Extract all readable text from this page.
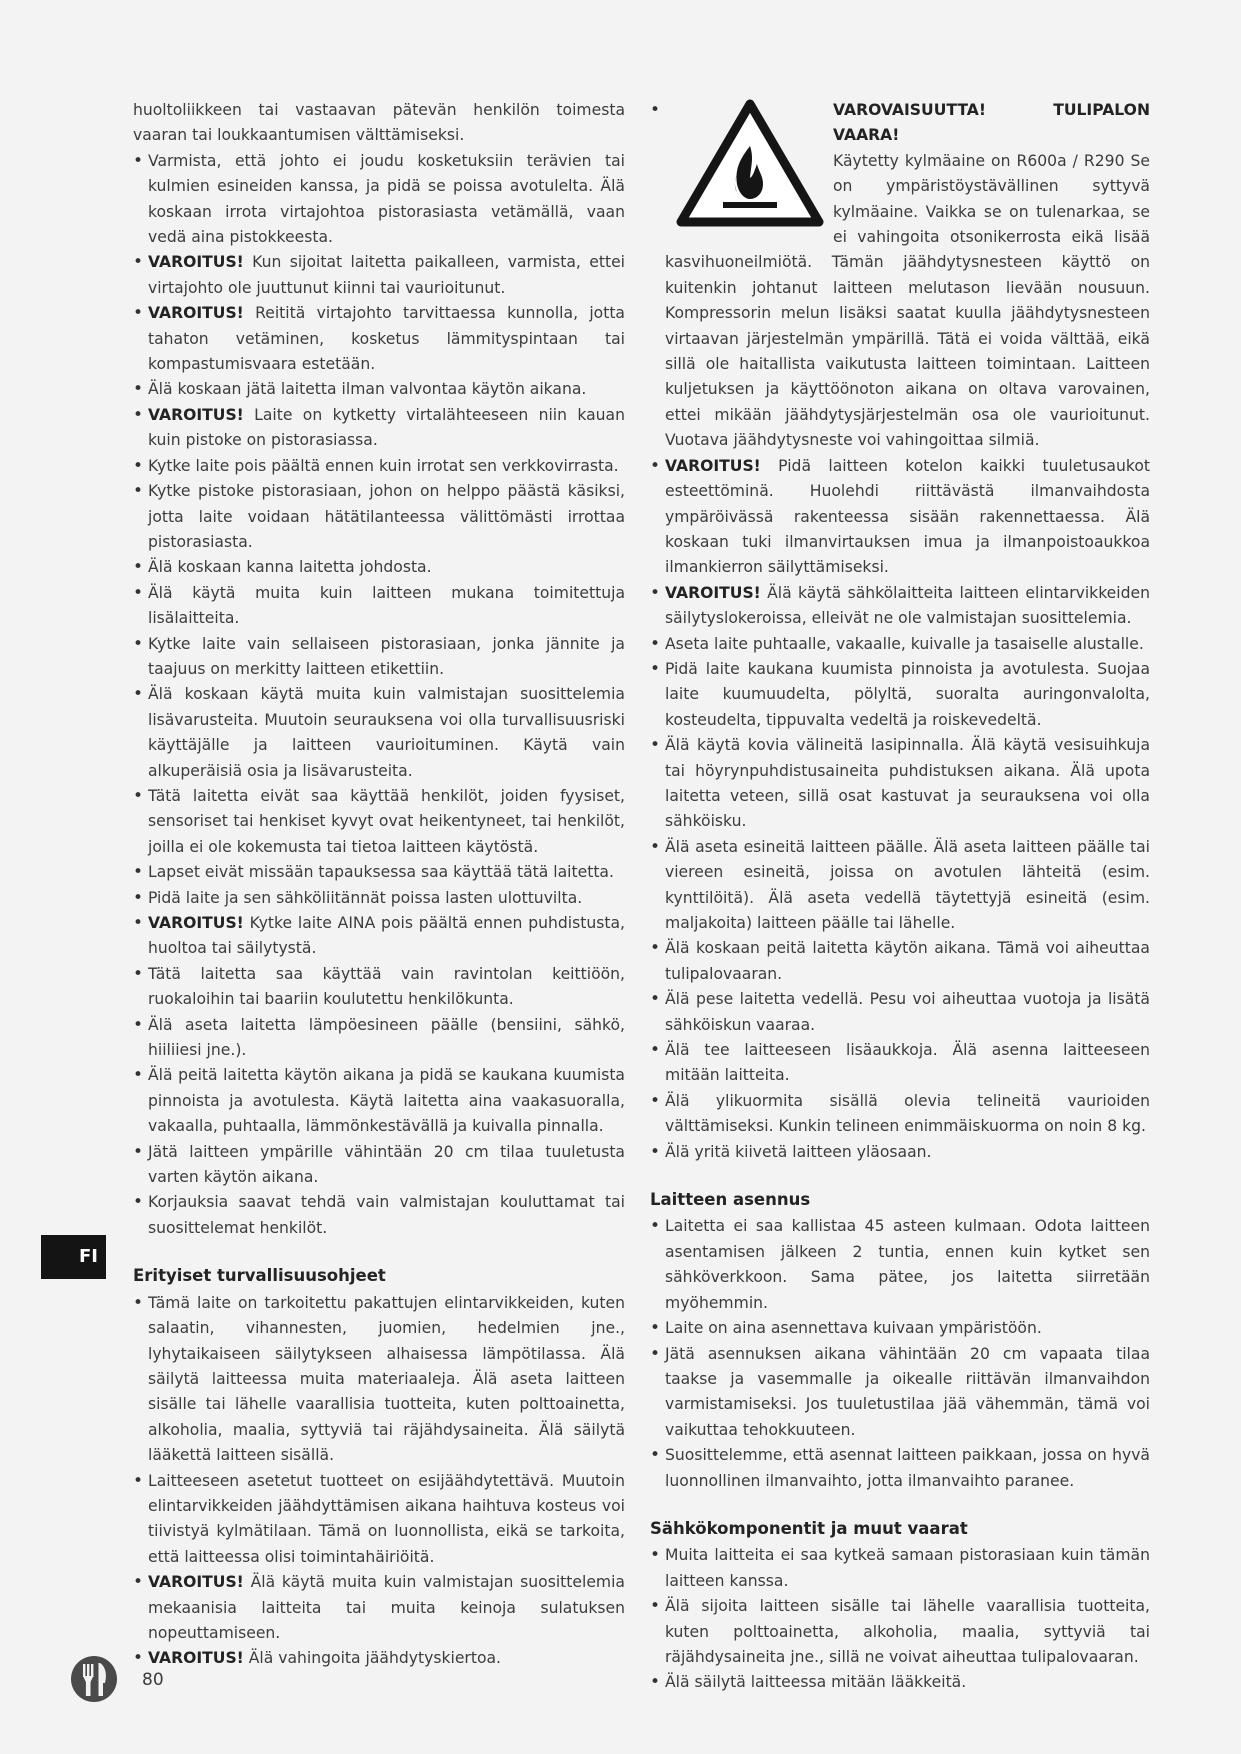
huoltoliikkeen tai vastaavan pätevän henkilön toimesta vaaran tai loukkaantumisen välttämiseksi.

• Varmista, että johto ei joudu kosketuksiin terävien tai kulmien esineiden kanssa, ja pidä se poissa avotulelta. Älä koskaan irrota virtajohtoa pistorasiasta vetämällä, vaan vedä aina pistokkeesta.
• VAROITUS! Kun sijoitat laitetta paikalleen, varmista, ettei virtajohto ole juuttunut kiinni tai vaurioitunut.
• VAROITUS! Reititä virtajohto tarvittaessa kunnolla, jotta tahaton vetäminen, kosketus lämmityspintaan tai kompastumisvaara estetään.
• Älä koskaan jätä laitetta ilman valvontaa käytön aikana.
• VAROITUS! Laite on kytketty virtalähteeseen niin kauan kuin pistoke on pistorasiassa.
• Kytke laite pois päältä ennen kuin irrotat sen verkkovirrasta.
• Kytke pistoke pistorasiaan, johon on helppo päästä käsiksi, jotta laite voidaan hätätilanteessa välittömästi irrottaa pistorasiasta.
• Älä koskaan kanna laitetta johdosta.
• Älä käytä muita kuin laitteen mukana toimitettuja lisälaitteita.
• Kytke laite vain sellaiseen pistorasiaan, jonka jännite ja taajuus on merkitty laitteen etikettiin.
• Älä koskaan käytä muita kuin valmistajan suosittelemia lisävarusteita. Muutoin seurauksena voi olla turvallisuusriski käyttäjälle ja laitteen vaurioituminen. Käytä vain alkuperäisiä osia ja lisävarusteita.
• Tätä laitetta eivät saa käyttää henkilöt, joiden fyysiset, sensoriset tai henkiset kyvyt ovat heikentyneet, tai henkilöt, joilla ei ole kokemusta tai tietoa laitteen käytöstä.
• Lapset eivät missään tapauksessa saa käyttää tätä laitetta.
• Pidä laite ja sen sähköliitännät poissa lasten ulottuvilta.
• VAROITUS! Kytke laite AINA pois päältä ennen puhdistusta, huoltoa tai säilytystä.
• Tätä laitetta saa käyttää vain ravintolan keittiöön, ruokaloihin tai baariin koulutettu henkilökunta.
• Älä aseta laitetta lämpöesineen päälle (bensiini, sähkö, hiiliiesi jne.).
• Älä peitä laitetta käytön aikana ja pidä se kaukana kuumista pinnoista ja avotulesta. Käytä laitetta aina vaakasuoralla, vakaalla, puhtaalla, lämmönkestävällä ja kuivalla pinnalla.
• Jätä laitteen ympärille vähintään 20 cm tilaa tuuletusta varten käytön aikana.
• Korjauksia saavat tehdä vain valmistajan kouluttamat tai suosittelemat henkilöt.
Erityiset turvallisuusohjeet
• Tämä laite on tarkoitettu pakattujen elintarvikkeiden, kuten salaatin, vihannesten, juomien, hedelmien jne., lyhytaikaiseen säilytykseen alhaisessa lämpötilassa. Älä säilytä laitteessa muita materiaaleja. Älä aseta laitteen sisälle tai lähelle vaarallisia tuotteita, kuten polttoainetta, alkoholia, maalia, syttyviä tai räjähdysaineita. Älä säilytä lääkettä laitteen sisällä.
• Laitteeseen asetetut tuotteet on esijäähdytettävä. Muutoin elintarvikkeiden jäähdyttämisen aikana haihtuva kosteus voi tiivistyä kylmätilaan. Tämä on luonnollista, eikä se tarkoita, että laitteessa olisi toimintahäiriöitä.
• VAROITUS! Älä käytä muita kuin valmistajan suosittelemia mekaanisia laitteita tai muita keinoja sulatuksen nopeuttamiseen.
• VAROITUS! Älä vahingoita jäähdytyskiertoa.
• VAROVAISUUTTA! TULIPALON VAARA!
Käytetty kylmäaine on R600a / R290 Se on ympäristöystävällinen syttyvä kylmäaine. Vaikka se on tulenarkaa, se ei vahingoita otsonikerrosta eikä lisää kasvihuoneilmiötä. Tämän jäähdytysnesteen käyttö on kuitenkin johtanut laitteen melutason lievään nousuun. Kompressorin melun lisäksi saatat kuulla jäähdytysnesteen virtaavan järjestelmän ympärillä. Tätä ei voida välttää, eikä sillä ole haitallista vaikutusta laitteen toimintaan. Laitteen kuljetuksen ja käyttöönoton aikana on oltava varovainen, ettei mikään jäähdytysjärjestelmän osa ole vaurioitunut. Vuotava jäähdytysneste voi vahingoittaa silmiä.
• VAROITUS! Pidä laitteen kotelon kaikki tuuletusaukot esteettöminä. Huolehdi riittävästä ilmanvaihdosta ympäröivässä rakenteessa sisään rakennettaessa. Älä koskaan tuki ilmanvirtauksen imua ja ilmanpoistoaukkoa ilmankierron säilyttämiseksi.
• VAROITUS! Älä käytä sähkölaitteita laitteen elintarvikkeiden säilytyslokeroissa, elleivät ne ole valmistajan suosittelemia.
• Aseta laite puhtaalle, vakaalle, kuivalle ja tasaiselle alustalle.
• Pidä laite kaukana kuumista pinnoista ja avotulesta. Suojaa laite kuumuudelta, pölyltä, suoralta auringonvalolta, kosteudelta, tippuvalta vedeltä ja roiskevedeltä.
• Älä käytä kovia välineitä lasipinnalla. Älä käytä vesisuihkuja tai höyrynpuhdistusaineita puhdistuksen aikana. Älä upota laitetta veteen, sillä osat kastuvat ja seurauksena voi olla sähköisku.
• Älä aseta esineitä laitteen päälle. Älä aseta laitteen päälle tai viereen esineitä, joissa on avotulen lähteitä (esim. kynttilöitä). Älä aseta vedellä täytettyjä esineitä (esim. maljakoita) laitteen päälle tai lähelle.
• Älä koskaan peitä laitetta käytön aikana. Tämä voi aiheuttaa tulipalovaaran.
• Älä pese laitetta vedellä. Pesu voi aiheuttaa vuotoja ja lisätä sähköiskun vaaraa.
• Älä tee laitteeseen lisäaukkoja. Älä asenna laitteeseen mitään laitteita.
• Älä ylikuormita sisällä olevia telineitä vaurioiden välttämiseksi. Kunkin telineen enimmäiskuorma on noin 8 kg.
• Älä yritä kiivetä laitteen yläosaan.
Laitteen asennus
• Laitetta ei saa kallistaa 45 asteen kulmaan. Odota laitteen asentamisen jälkeen 2 tuntia, ennen kuin kytket sen sähköverkkoon. Sama pätee, jos laitetta siirretään myöhemmin.
• Laite on aina asennettava kuivaan ympäristöön.
• Jätä asennuksen aikana vähintään 20 cm vapaata tilaa taakse ja vasemmalle ja oikealle riittävän ilmanvaihdon varmistamiseksi. Jos tuuletustilaa jää vähemmän, tämä voi vaikuttaa tehokkuuteen.
• Suosittelemme, että asennat laitteen paikkaan, jossa on hyvä luonnollinen ilmanvaihto, jotta ilmanvaihto paranee.
Sähkökomponentit ja muut vaarat
• Muita laitteita ei saa kytkeä samaan pistorasiaan kuin tämän laitteen kanssa.
• Älä sijoita laitteen sisälle tai lähelle vaarallisia tuotteita, kuten polttoainetta, alkoholia, maalia, syttyviä tai räjähdysaineita jne., sillä ne voivat aiheuttaa tulipalovaaran.
• Älä säilytä laitteessa mitään lääkkeitä.
FI
80
